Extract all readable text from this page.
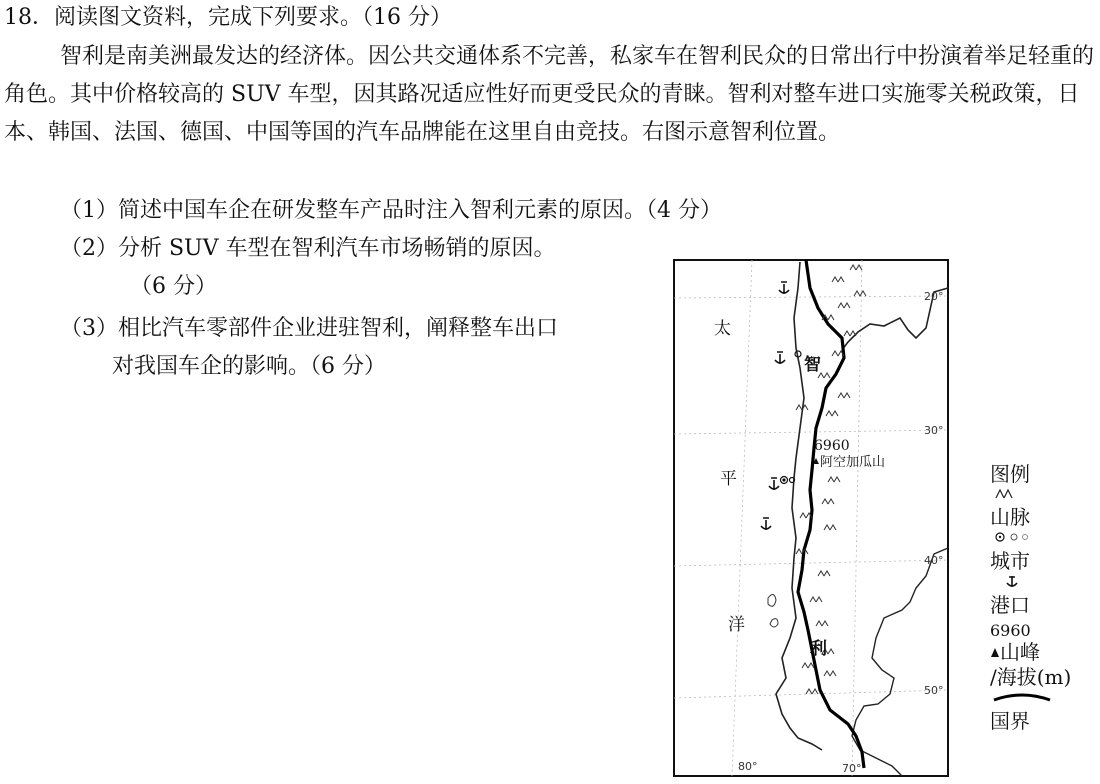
18．阅读图文资料，完成下列要求。（16 分）
智利是南美洲最发达的经济体。因公共交通体系不完善，私家车在智利民众的日常出行中扮演着举足轻重的角色。其中价格较高的 SUV 车型，因其路况适应性好而更受民众的青睐。智利对整车进口实施零关税政策，日本、韩国、法国、德国、中国等国的汽车品牌能在这里自由竞技。右图示意智利位置。
（1）简述中国车企在研发整车产品时注入智利元素的原因。（4 分）
（2）分析 SUV 车型在智利汽车市场畅销的原因。
（6 分）
（3）相比汽车零部件企业进驻智利，阐释整车出口
对我国车企的影响。（6 分）
太
平
洋
智
利
6960
阿空加瓜山
20°
30°
40°
50°
80°	70°
图例
山脉
城市
港口
6960
山峰
/海拔(m)
国界
